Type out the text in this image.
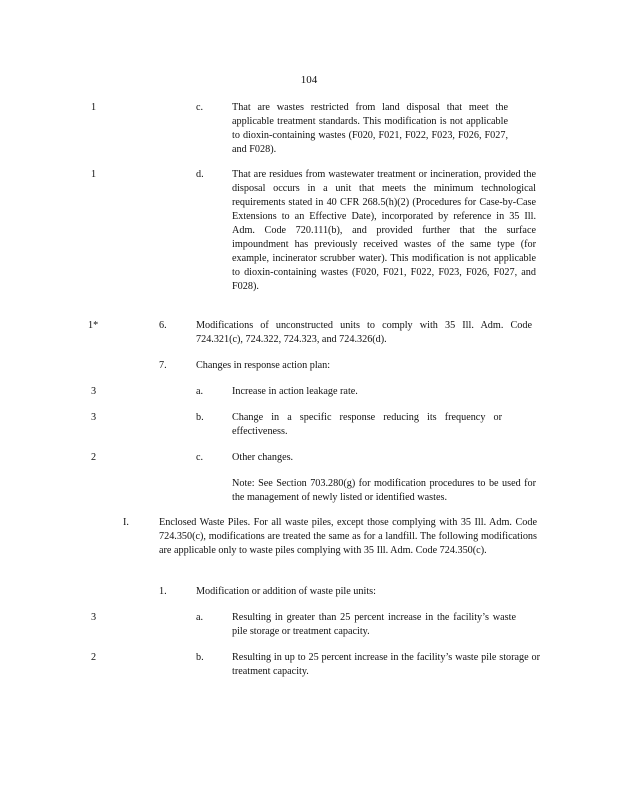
104
1	c.	That are wastes restricted from land disposal that meet the applicable treatment standards. This modification is not applicable to dioxin-containing wastes (F020, F021, F022, F023, F026, F027, and F028).
1	d.	That are residues from wastewater treatment or incineration, provided the disposal occurs in a unit that meets the minimum technological requirements stated in 40 CFR 268.5(h)(2) (Procedures for Case-by-Case Extensions to an Effective Date), incorporated by reference in 35 Ill. Adm. Code 720.111(b), and provided further that the surface impoundment has previously received wastes of the same type (for example, incinerator scrubber water). This modification is not applicable to dioxin-containing wastes (F020, F021, F022, F023, F026, F027, and F028).
1*	6.	Modifications of unconstructed units to comply with 35 Ill. Adm. Code 724.321(c), 724.322, 724.323, and 724.326(d).
7.	Changes in response action plan:
3	a.	Increase in action leakage rate.
3	b.	Change in a specific response reducing its frequency or effectiveness.
2	c.	Other changes.
Note: See Section 703.280(g) for modification procedures to be used for the management of newly listed or identified wastes.
I.	Enclosed Waste Piles. For all waste piles, except those complying with 35 Ill. Adm. Code 724.350(c), modifications are treated the same as for a landfill. The following modifications are applicable only to waste piles complying with 35 Ill. Adm. Code 724.350(c).
1.	Modification or addition of waste pile units:
3	a.	Resulting in greater than 25 percent increase in the facility’s waste pile storage or treatment capacity.
2	b.	Resulting in up to 25 percent increase in the facility’s waste pile storage or treatment capacity.
